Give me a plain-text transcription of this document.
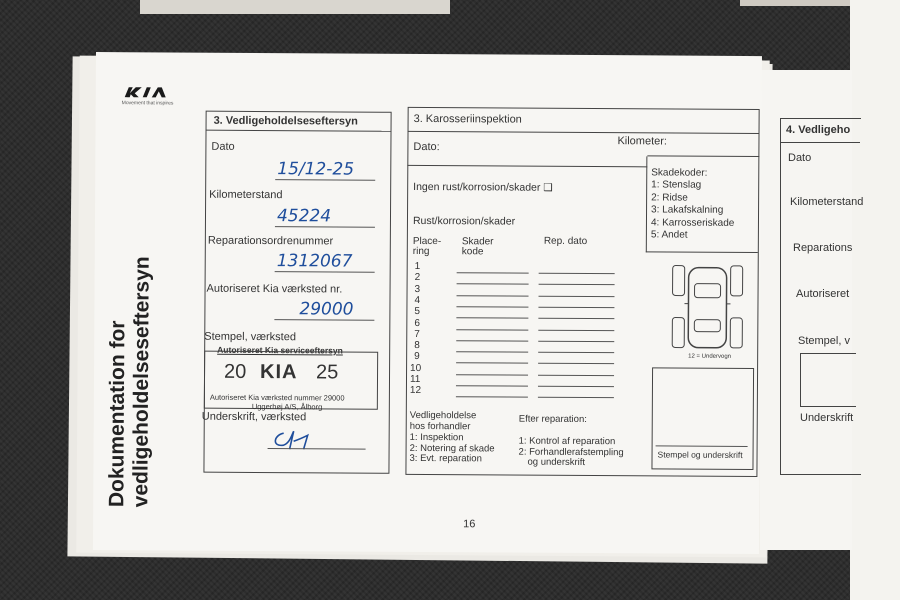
4. Vedligeho
Dato
Kilometerstand
Reparations
Autoriseret
Stempel, v
Underskrift
Movement that inspires
Dokumentation for vedligeholdelseseftersyn
3. Vedligeholdelseseftersyn
Dato
15/12-25
Kilometerstand
45224
Reparationsordrenummer
1312067
Autoriseret Kia værksted nr.
29000
Stempel, værksted
Autoriseret Kia serviceeftersyn
20 KIA 25
Autoriseret Kia værksted nummer 29000
Uggerhøj A/S, Ålborg
Underskrift, værksted
3. Karosseriinspektion
Dato:	Kilometer:
Ingen rust/korrosion/skader ❑
Rust/korrosion/skader
Place-
ring
Skader
kode
Rep. dato
1
2
3
4
5
6
7
8
9
10
11
12
Skadekoder:
1: Stenslag
2: Ridse
3: Lakafskalning
4: Karrosseriskade
5: Andet
12 = Undervogn
Stempel og underskrift
Vedligeholdelse
hos forhandler
1: Inspektion
2: Notering af skade
3: Evt. reparation
Efter reparation:
1: Kontrol af reparation
2: Forhandlerafstempling
og underskrift
16
